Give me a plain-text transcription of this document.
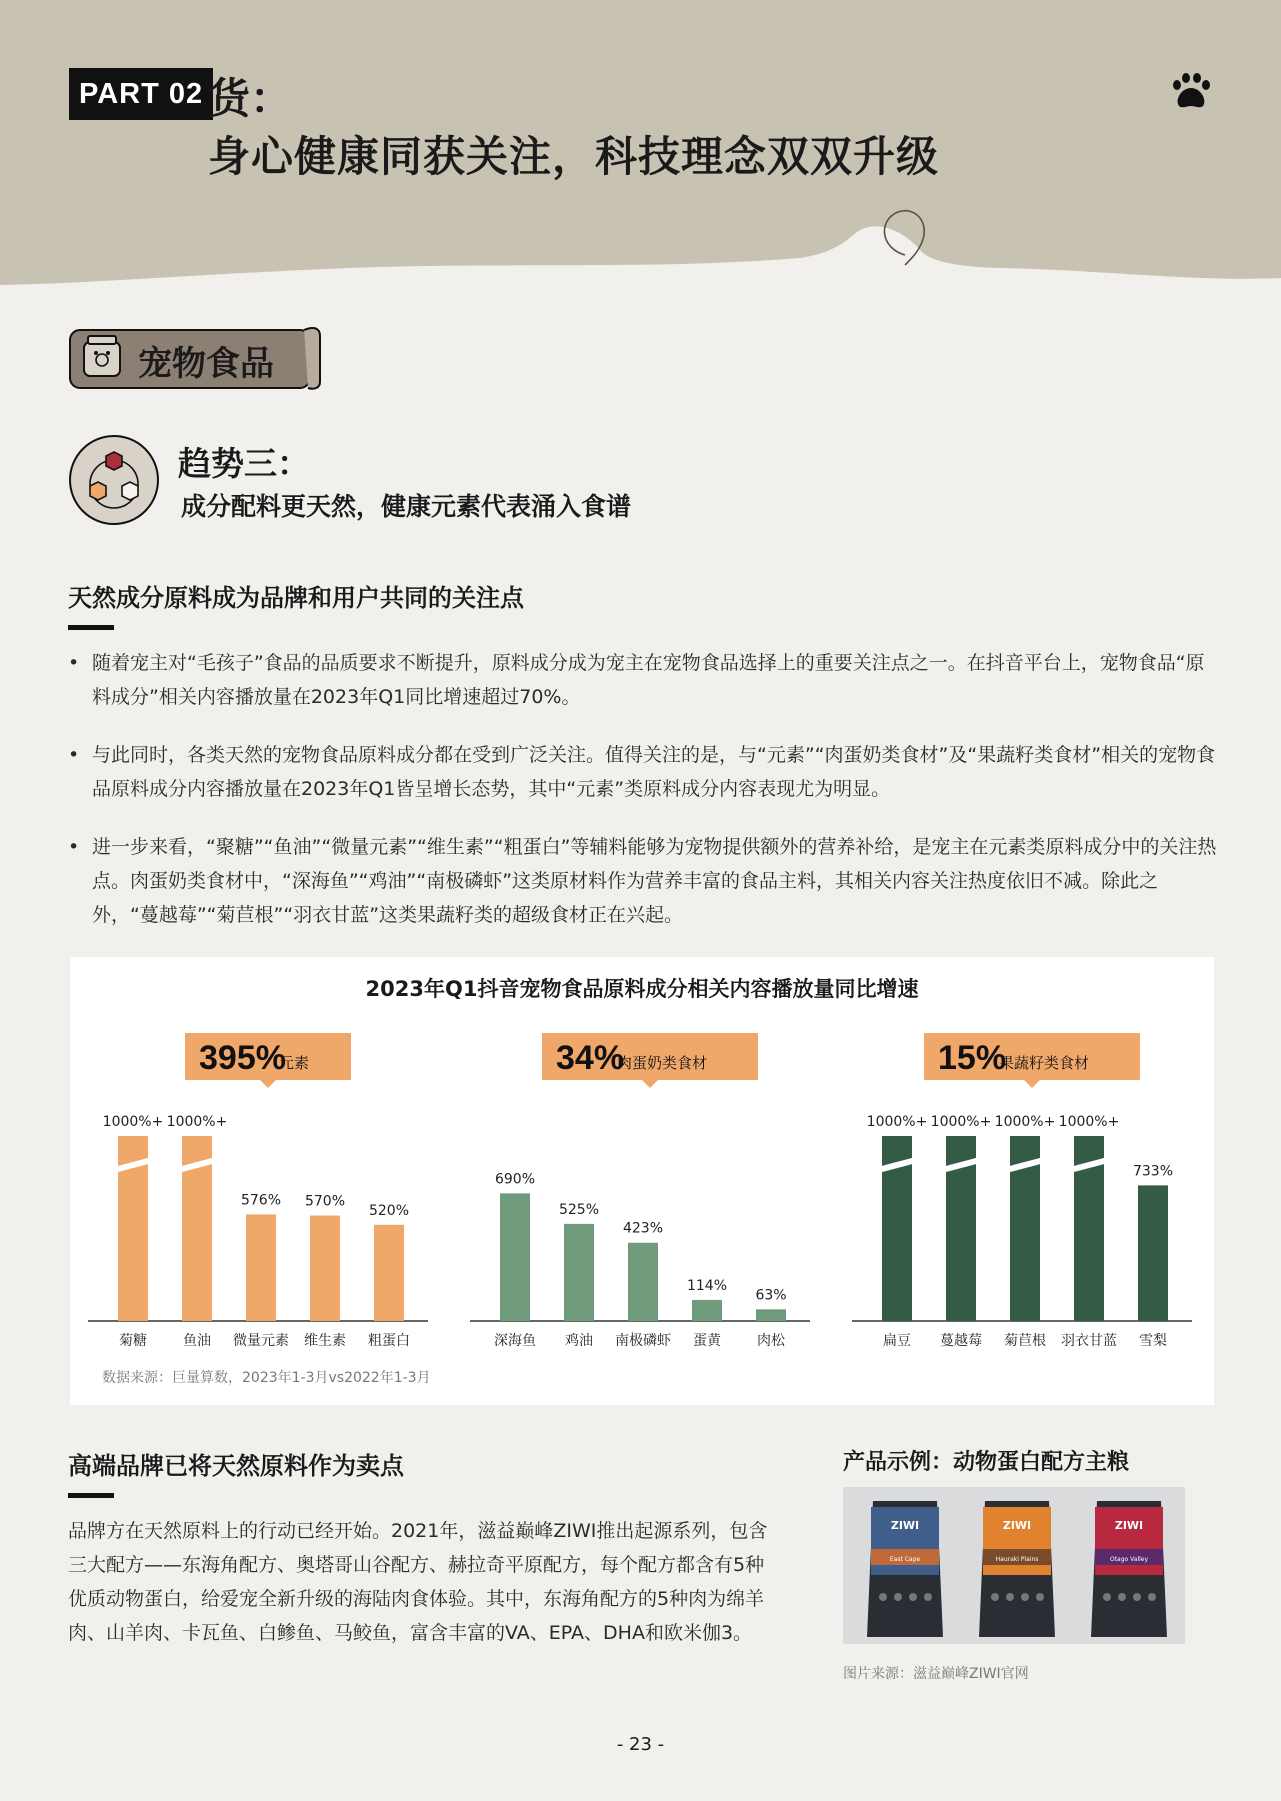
PART 02 货：
身心健康同获关注，科技理念双双升级
宠物食品
趋势三：
成分配料更天然，健康元素代表涌入食谱
天然成分原料成为品牌和用户共同的关注点
• 随着宠主对“毛孩子”食品的品质要求不断提升，原料成分成为宠主在宠物食品选择上的重要关注点之一。在抖音平台上，宠物食品“原料成分”相关内容播放量在2023年Q1同比增速超过70%。
• 与此同时，各类天然的宠物食品原料成分都在受到广泛关注。值得关注的是，与“元素”“肉蛋奶类食材”及“果蔬籽类食材”相关的宠物食品原料成分内容播放量在2023年Q1皆呈增长态势，其中“元素”类原料成分内容表现尤为明显。
• 进一步来看，“聚糖”“鱼油”“微量元素”“维生素”“粗蛋白”等辅料能够为宠物提供额外的营养补给，是宠主在元素类原料成分中的关注热点。肉蛋奶类食材中，“深海鱼”“鸡油”“南极磷虾”这类原材料作为营养丰富的食品主料，其相关内容关注热度依旧不减。除此之外，“蔓越莓”“菊苣根”“羽衣甘蓝”这类果蔬籽类的超级食材正在兴起。
2023年Q1抖音宠物食品原料成分相关内容播放量同比增速
395%
元素
1000%+
菊糖
1000%+
鱼油
576%
微量元素
570%
维生素
520%
粗蛋白
34%
肉蛋奶类食材
690%
深海鱼
525%
鸡油
423%
南极磷虾
114%
蛋黄
63%
肉松
15%
果蔬籽类食材
1000%+
扁豆
1000%+
蔓越莓
1000%+
菊苣根
1000%+
羽衣甘蓝
733%
雪梨
数据来源：巨量算数，2023年1-3月vs2022年1-3月
高端品牌已将天然原料作为卖点
品牌方在天然原料上的行动已经开始。2021年，滋益巅峰ZIWI推出起源系列，包含三大配方——东海角配方、奥塔哥山谷配方、赫拉奇平原配方，每个配方都含有5种优质动物蛋白，给爱宠全新升级的海陆肉食体验。其中，东海角配方的5种肉为绵羊肉、山羊肉、卡瓦鱼、白鲹鱼、马鲛鱼，富含丰富的VA、EPA、DHA和欧米伽3。
产品示例：动物蛋白配方主粮
ZIWI
East Cape
ZIWI
Hauraki Plains
ZIWI
Otago Valley
图片来源：滋益巅峰ZIWI官网
- 23 -
